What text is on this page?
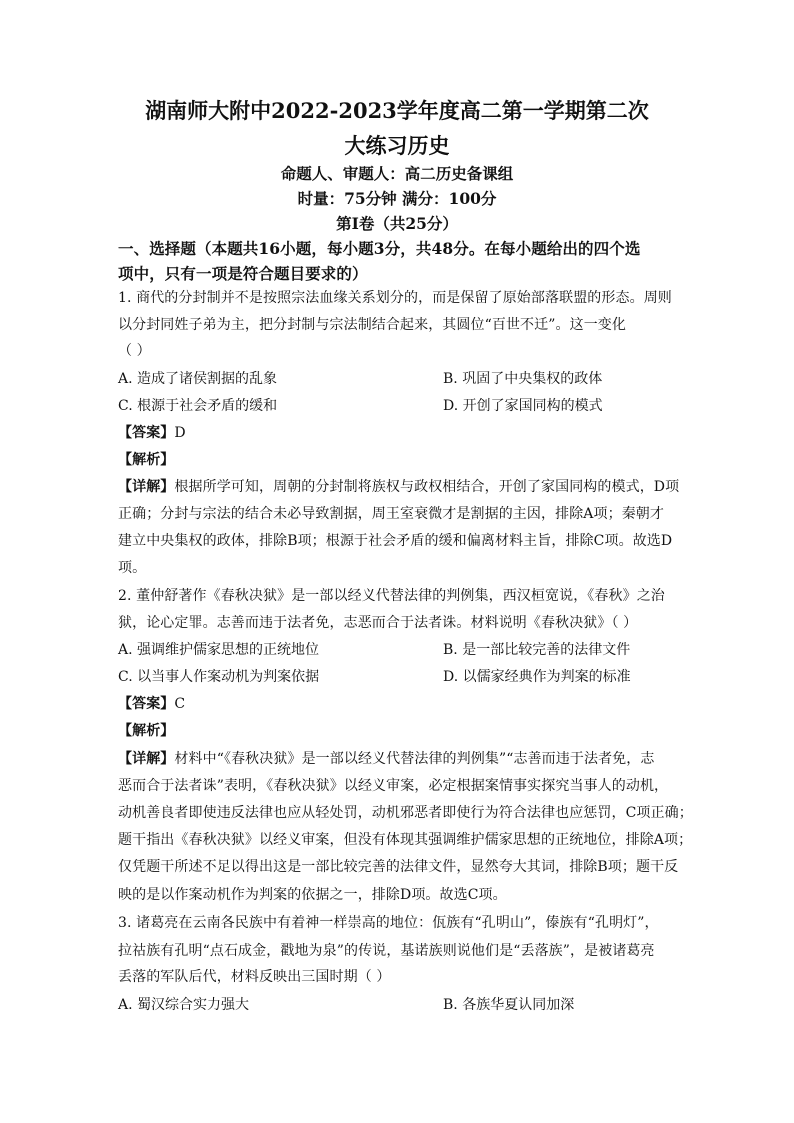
湖南师大附中2022-2023学年度高二第一学期第二次
大练习历史
命题人、审题人：高二历史备课组
时量：75分钟 满分：100分
第Ⅰ卷（共25分）
一、选择题（本题共16小题，每小题3分，共48分。在每小题给出的四个选
项中，只有一项是符合题目要求的）
1. 商代的分封制并不是按照宗法血缘关系划分的，而是保留了原始部落联盟的形态。周则
以分封同姓子弟为主，把分封制与宗法制结合起来，其圆位“百世不迁”。这一变化
（ ）
A. 造成了诸侯割据的乱象	B. 巩固了中央集权的政体
C. 根源于社会矛盾的缓和	D. 开创了家国同构的模式
【答案】D
【解析】
【详解】根据所学可知，周朝的分封制将族权与政权相结合，开创了家国同构的模式，D项
正确；分封与宗法的结合未必导致割据，周王室衰微才是割据的主因，排除A项；秦朝才
建立中央集权的政体，排除B项；根源于社会矛盾的缓和偏离材料主旨，排除C项。故选D
项。
2. 董仲舒著作《春秋决狱》是一部以经义代替法律的判例集，西汉桓宽说，《春秋》之治
狱，论心定罪。志善而违于法者免，志恶而合于法者诛。材料说明《春秋决狱》（ ）
A. 强调维护儒家思想的正统地位	B. 是一部比较完善的法律文件
C. 以当事人作案动机为判案依据	D. 以儒家经典作为判案的标准
【答案】C
【解析】
【详解】材料中“《春秋决狱》是一部以经义代替法律的判例集”“志善而违于法者免，志
恶而合于法者诛”表明，《春秋决狱》以经义审案，必定根据案情事实探究当事人的动机，
动机善良者即使违反法律也应从轻处罚，动机邪恶者即使行为符合法律也应惩罚，C项正确；
题干指出《春秋决狱》以经义审案，但没有体现其强调维护儒家思想的正统地位，排除A项；
仅凭题干所述不足以得出这是一部比较完善的法律文件，显然夸大其词，排除B项；题干反
映的是以作案动机作为判案的依据之一，排除D项。故选C项。
3. 诸葛亮在云南各民族中有着神一样崇高的地位：佤族有“孔明山”，傣族有“孔明灯”，
拉祜族有孔明“点石成金，戳地为泉”的传说，基诺族则说他们是“丢落族”，是被诸葛亮
丢落的军队后代，材料反映出三国时期（ ）
A. 蜀汉综合实力强大	B. 各族华夏认同加深
